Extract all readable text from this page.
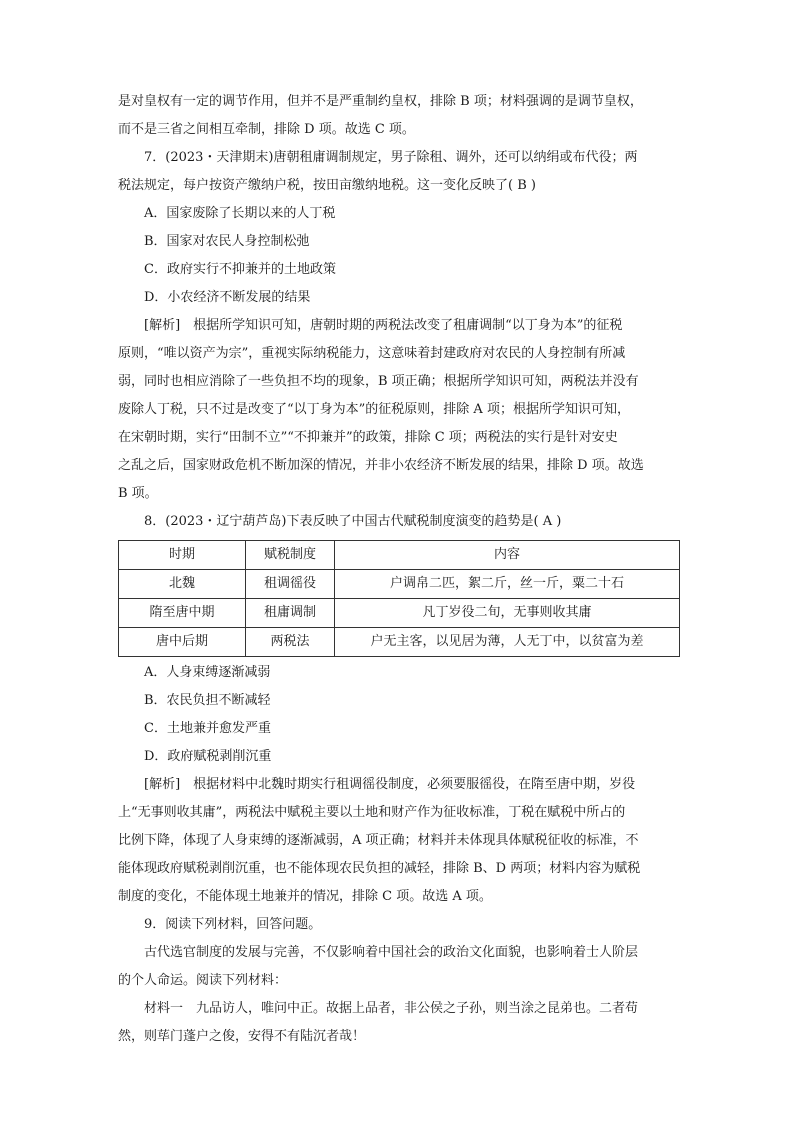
是对皇权有一定的调节作用，但并不是严重制约皇权，排除 B 项；材料强调的是调节皇权，
而不是三省之间相互牵制，排除 D 项。故选 C 项。
7．(2023・天津期末)唐朝租庸调制规定，男子除租、调外，还可以纳绢或布代役；两
税法规定，每户按资产缴纳户税，按田亩缴纳地税。这一变化反映了( B )
A．国家废除了长期以来的人丁税
B．国家对农民人身控制松弛
C．政府实行不抑兼并的土地政策
D．小农经济不断发展的结果
[解析]　根据所学知识可知，唐朝时期的两税法改变了租庸调制“以丁身为本”的征税
原则，“唯以资产为宗”，重视实际纳税能力，这意味着封建政府对农民的人身控制有所减
弱，同时也相应消除了一些负担不均的现象，B 项正确；根据所学知识可知，两税法并没有
废除人丁税，只不过是改变了“以丁身为本”的征税原则，排除 A 项；根据所学知识可知，
在宋朝时期，实行“田制不立”“不抑兼并”的政策，排除 C 项；两税法的实行是针对安史
之乱之后，国家财政危机不断加深的情况，并非小农经济不断发展的结果，排除 D 项。故选
B 项。
8．(2023・辽宁葫芦岛)下表反映了中国古代赋税制度演变的趋势是( A )
时期	赋税制度	内容
北魏	租调徭役	户调帛二匹，絮二斤，丝一斤，粟二十石
隋至唐中期	租庸调制	凡丁岁役二旬，无事则收其庸
唐中后期	两税法	户无主客，以见居为薄，人无丁中，以贫富为差
A．人身束缚逐渐减弱
B．农民负担不断减轻
C．土地兼并愈发严重
D．政府赋税剥削沉重
[解析]　根据材料中北魏时期实行租调徭役制度，必须要服徭役，在隋至唐中期，岁役
上“无事则收其庸”，两税法中赋税主要以土地和财产作为征收标准，丁税在赋税中所占的
比例下降，体现了人身束缚的逐渐减弱，A 项正确；材料并未体现具体赋税征收的标准，不
能体现政府赋税剥削沉重，也不能体现农民负担的减轻，排除 B、D 两项；材料内容为赋税
制度的变化，不能体现土地兼并的情况，排除 C 项。故选 A 项。
9．阅读下列材料，回答问题。
古代选官制度的发展与完善，不仅影响着中国社会的政治文化面貌，也影响着士人阶层
的个人命运。阅读下列材料：
材料一　九品访人，唯问中正。故据上品者，非公侯之子孙，则当涂之昆弟也。二者苟
然，则荜门蓬户之俊，安得不有陆沉者哉！
